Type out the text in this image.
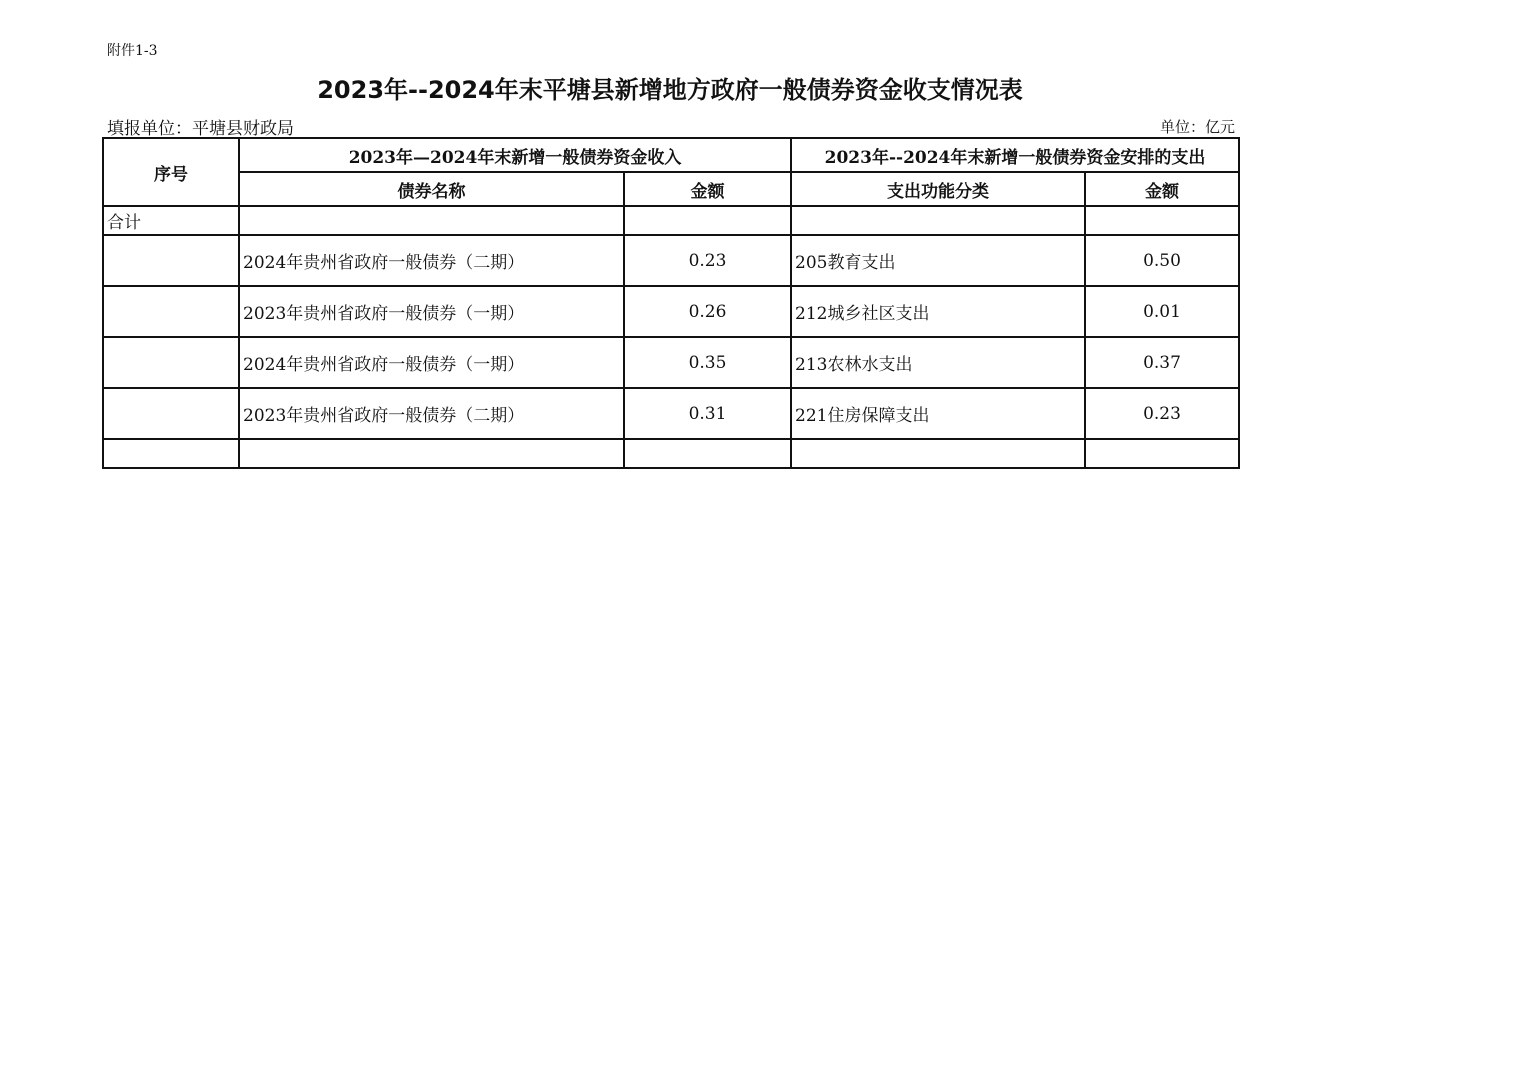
附件1-3
2023年--2024年末平塘县新增地方政府一般债券资金收支情况表
填报单位：平塘县财政局	单位：亿元
序号	2023年—2024年末新增一般债券资金收入		2023年--2024年末新增一般债券资金安排的支出	
	债券名称	金额	支出功能分类	金额
合计				
	2024年贵州省政府一般债券（二期）	0.23	205教育支出	0.50
	2023年贵州省政府一般债券（一期）	0.26	212城乡社区支出	0.01
	2024年贵州省政府一般债券（一期）	0.35	213农林水支出	0.37
	2023年贵州省政府一般债券（二期）	0.31	221住房保障支出	0.23
